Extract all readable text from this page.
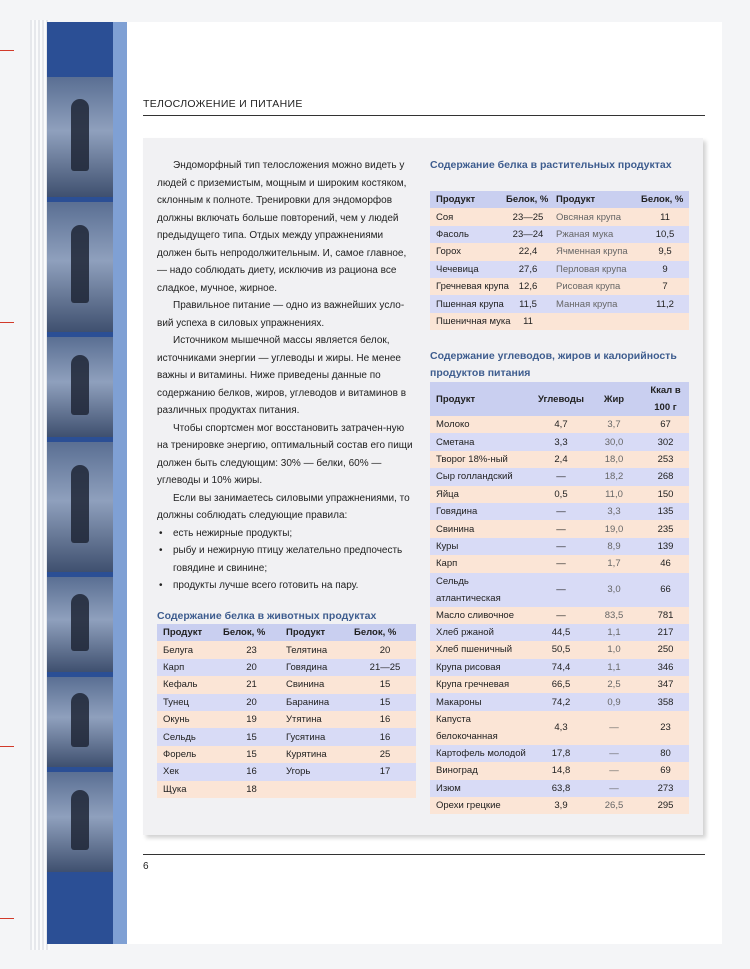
ТЕЛОСЛОЖЕНИЕ И ПИТАНИЕ

Эндоморфный тип телосложения можно видеть у людей с приземистым, мощным и широким костяком, склонным к полноте. Тренировки для эндоморфов должны включать больше повторений, чем у людей предыдущего типа. Отдых между упражнениями должен быть непродолжительным. И, самое главное, — надо соблюдать диету, исключив из рациона все сладкое, мучное, жирное.

Правильное питание — одно из важнейших усло-вий успеха в силовых упражнениях.

Источником мышечной массы является белок, источниками энергии — углеводы и жиры. Не менее важны и витамины. Ниже приведены данные по содержанию белков, жиров, углеводов и витаминов в различных продуктах питания.

Чтобы спортсмен мог восстановить затрачен-ную на тренировке энергию, оптимальный состав его пищи должен быть следующим: 30% — белки, 60% — углеводы и 10% жиры.

Если вы занимаетесь силовыми упражнениями, то должны соблюдать следующие правила:

• есть нежирные продукты;
• рыбу и нежирную птицу желательно предпочесть говядине и свинине;
• продукты лучше всего готовить на пару.
Содержание белка в животных продуктах
Продукт	Белок, %	Продукт	Белок, %
Белуга	23	Телятина	20
Карп	20	Говядина	21—25
Кефаль	21	Свинина	15
Тунец	20	Баранина	15
Окунь	19	Утятина	16
Сельдь	15	Гусятина	16
Форель	15	Курятина	25
Хек	16	Угорь	17
Щука	18		
Содержание белка в растительных продуктах
Продукт	Белок, %	Продукт	Белок, %
Соя	23—25	Овсяная крупа	11
Фасоль	23—24	Ржаная мука	10,5
Горох	22,4	Ячменная крупа	9,5
Чечевица	27,6	Перловая крупа	9
Гречневая крупа	12,6	Рисовая крупа	7
Пшенная крупа	11,5	Манная крупа	11,2
Пшеничная мука	11		
Содержание углеводов, жиров и калорийность продуктов питания
Продукт	Углеводы	Жир	Ккал в 100 г
Молоко	4,7	3,7	67
Сметана	3,3	30,0	302
Творог 18%-ный	2,4	18,0	253
Сыр голландский	—	18,2	268
Яйца	0,5	11,0	150
Говядина	—	3,3	135
Свинина	—	19,0	235
Куры	—	8,9	139
Карп	—	1,7	46
Сельдь атлантическая	—	3,0	66
Масло сливочное	—	83,5	781
Хлеб ржаной	44,5	1,1	217
Хлеб пшеничный	50,5	1,0	250
Крупа рисовая	74,4	1,1	346
Крупа гречневая	66,5	2,5	347
Макароны	74,2	0,9	358
Капуста белокочанная	4,3	—	23
Картофель молодой	17,8	—	80
Виноград	14,8	—	69
Изюм	63,8	—	273
Орехи грецкие	3,9	26,5	295
6
